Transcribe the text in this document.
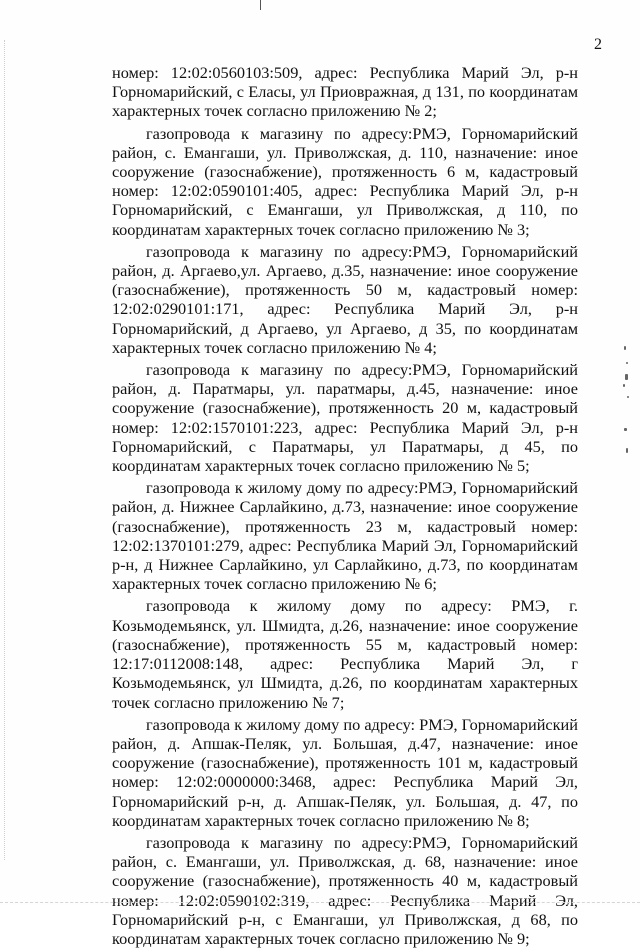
2

номер: 12:02:0560103:509, адрес: Республика Марий Эл, р-н Горномарийский, с Еласы, ул Приовражная, д 131, по координатам характерных точек согласно приложению № 2;

газопровода к магазину по адресу:РМЭ, Горномарийский район, с. Емангаши, ул. Приволжская, д. 110, назначение: иное сооружение (газоснабжение), протяженность 6 м, кадастровый номер: 12:02:0590101:405, адрес: Республика Марий Эл, р-н Горномарийский, с Емангаши, ул Приволжская, д 110, по координатам характерных точек согласно приложению № 3;

газопровода к магазину по адресу:РМЭ, Горномарийский район, д. Аргаево,ул. Аргаево, д.35, назначение: иное сооружение (газоснабжение), протяженность 50 м, кадастровый номер: 12:02:0290101:171, адрес: Республика Марий Эл, р-н Горномарийский, д Аргаево, ул Аргаево, д 35, по координатам характерных точек согласно приложению № 4;

газопровода к магазину по адресу:РМЭ, Горномарийский район, д. Паратмары, ул. паратмары, д.45, назначение: иное сооружение (газоснабжение), протяженность 20 м, кадастровый номер: 12:02:1570101:223, адрес: Республика Марий Эл, р-н Горномарийский, с Паратмары, ул Паратмары, д 45, по координатам характерных точек согласно приложению № 5;

газопровода к жилому дому по адресу:РМЭ, Горномарийский район, д. Нижнее Сарлайкино, д.73, назначение: иное сооружение (газоснабжение), протяженность 23 м, кадастровый номер: 12:02:1370101:279, адрес: Республика Марий Эл, Горномарийский р-н, д Нижнее Сарлайкино, ул Сарлайкино, д.73, по координатам характерных точек согласно приложению № 6;

газопровода к жилому дому по адресу: РМЭ, г. Козьмодемьянск, ул. Шмидта, д.26, назначение: иное сооружение (газоснабжение), протяженность 55 м, кадастровый номер: 12:17:0112008:148, адрес: Республика Марий Эл, г Козьмодемьянск, ул Шмидта, д.26, по координатам характерных точек согласно приложению № 7;

газопровода к жилому дому по адресу: РМЭ, Горномарийский район, д. Апшак-Пеляк, ул. Большая, д.47, назначение: иное сооружение (газоснабжение), протяженность 101 м, кадастровый номер: 12:02:0000000:3468, адрес: Республика Марий Эл, Горномарийский р-н, д. Апшак-Пеляк, ул. Большая, д. 47, по координатам характерных точек согласно приложению № 8;

газопровода к магазину по адресу:РМЭ, Горномарийский район, с. Емангаши, ул. Приволжская, д. 68, назначение: иное сооружение (газоснабжение), протяженность 40 м, кадастровый номер: 12:02:0590102:319, адрес: Республика Марий Эл, Горномарийский р-н, с Емангаши, ул Приволжская, д 68, по координатам характерных точек согласно приложению № 9;
